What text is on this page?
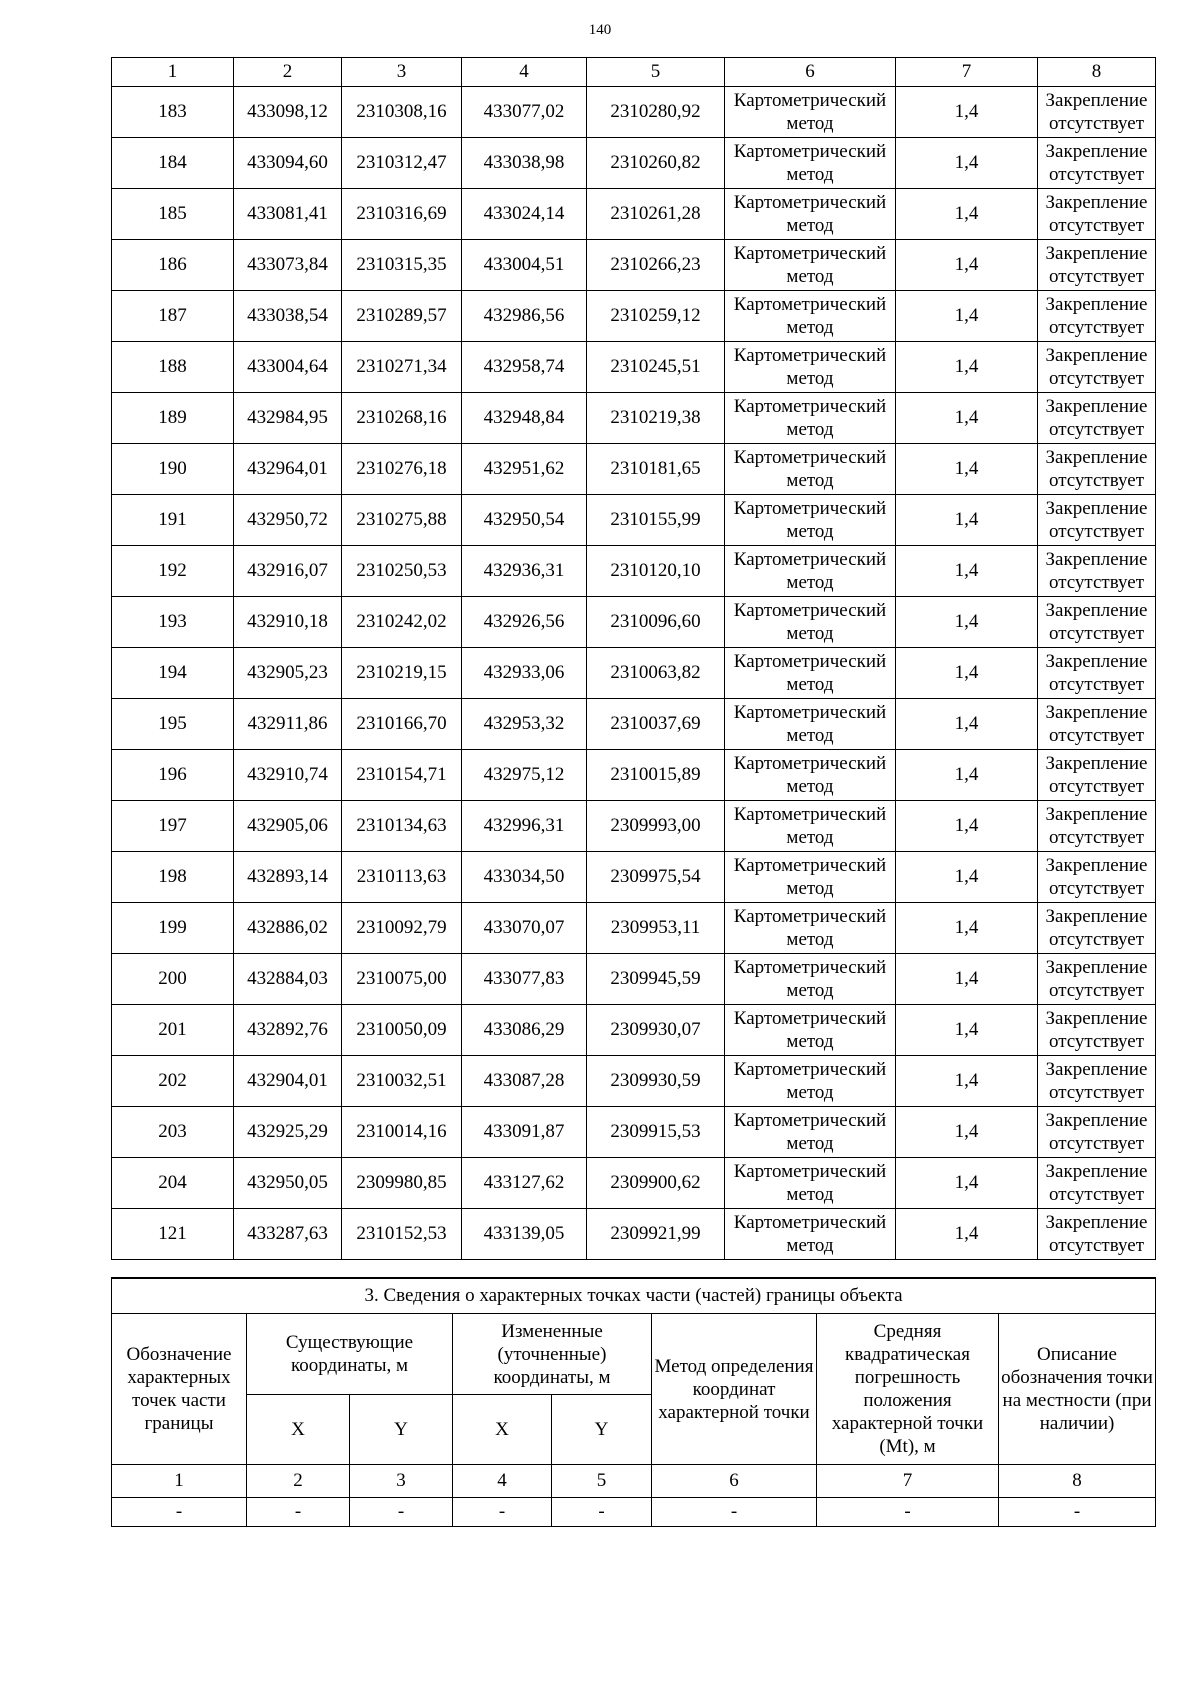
140
1	2	3	4	5	6	7	8
183	433098,12	2310308,16	433077,02	2310280,92	Картометрический метод	1,4	Закрепление отсутствует
184	433094,60	2310312,47	433038,98	2310260,82	Картометрический метод	1,4	Закрепление отсутствует
185	433081,41	2310316,69	433024,14	2310261,28	Картометрический метод	1,4	Закрепление отсутствует
186	433073,84	2310315,35	433004,51	2310266,23	Картометрический метод	1,4	Закрепление отсутствует
187	433038,54	2310289,57	432986,56	2310259,12	Картометрический метод	1,4	Закрепление отсутствует
188	433004,64	2310271,34	432958,74	2310245,51	Картометрический метод	1,4	Закрепление отсутствует
189	432984,95	2310268,16	432948,84	2310219,38	Картометрический метод	1,4	Закрепление отсутствует
190	432964,01	2310276,18	432951,62	2310181,65	Картометрический метод	1,4	Закрепление отсутствует
191	432950,72	2310275,88	432950,54	2310155,99	Картометрический метод	1,4	Закрепление отсутствует
192	432916,07	2310250,53	432936,31	2310120,10	Картометрический метод	1,4	Закрепление отсутствует
193	432910,18	2310242,02	432926,56	2310096,60	Картометрический метод	1,4	Закрепление отсутствует
194	432905,23	2310219,15	432933,06	2310063,82	Картометрический метод	1,4	Закрепление отсутствует
195	432911,86	2310166,70	432953,32	2310037,69	Картометрический метод	1,4	Закрепление отсутствует
196	432910,74	2310154,71	432975,12	2310015,89	Картометрический метод	1,4	Закрепление отсутствует
197	432905,06	2310134,63	432996,31	2309993,00	Картометрический метод	1,4	Закрепление отсутствует
198	432893,14	2310113,63	433034,50	2309975,54	Картометрический метод	1,4	Закрепление отсутствует
199	432886,02	2310092,79	433070,07	2309953,11	Картометрический метод	1,4	Закрепление отсутствует
200	432884,03	2310075,00	433077,83	2309945,59	Картометрический метод	1,4	Закрепление отсутствует
201	432892,76	2310050,09	433086,29	2309930,07	Картометрический метод	1,4	Закрепление отсутствует
202	432904,01	2310032,51	433087,28	2309930,59	Картометрический метод	1,4	Закрепление отсутствует
203	432925,29	2310014,16	433091,87	2309915,53	Картометрический метод	1,4	Закрепление отсутствует
204	432950,05	2309980,85	433127,62	2309900,62	Картометрический метод	1,4	Закрепление отсутствует
121	433287,63	2310152,53	433139,05	2309921,99	Картометрический метод	1,4	Закрепление отсутствует
3. Сведения о характерных точках части (частей) границы объекта							
Обозначение характерных точек части границы	Существующие координаты, м		Измененные (уточненные) координаты, м		Метод определения координат характерной точки	Средняя квадратическая погрешность положения характерной точки (Mt), м	Описание обозначения точки на местности (при наличии)
	X	Y	X	Y			
1	2	3	4	5	6	7	8
-	-	-	-	-	-	-	-
